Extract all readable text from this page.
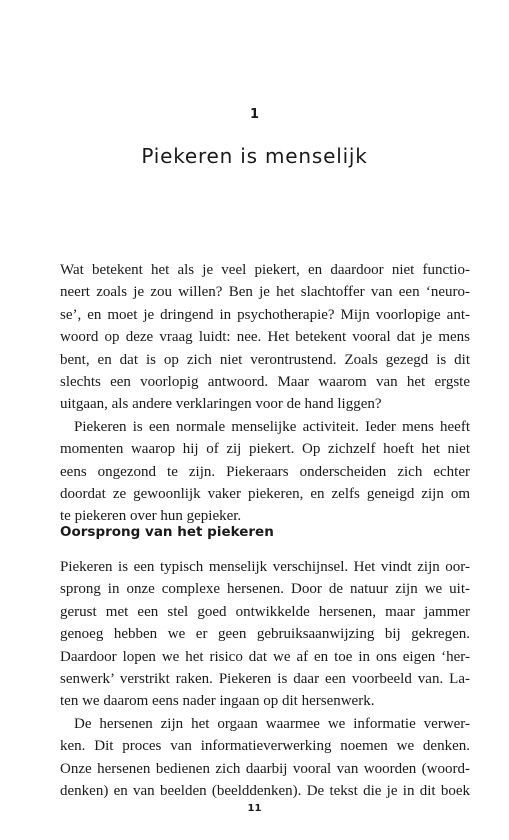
1
Piekeren is menselijk
Wat betekent het als je veel piekert, en daardoor niet functio-
neert zoals je zou willen? Ben je het slachtoffer van een ‘neuro-
se’, en moet je dringend in psychotherapie? Mijn voorlopige ant-
woord op deze vraag luidt: nee. Het betekent vooral dat je mens
bent, en dat is op zich niet verontrustend. Zoals gezegd is dit
slechts een voorlopig antwoord. Maar waarom van het ergste
uitgaan, als andere verklaringen voor de hand liggen?
Piekeren is een normale menselijke activiteit. Ieder mens heeft
momenten waarop hij of zij piekert. Op zichzelf hoeft het niet
eens ongezond te zijn. Piekeraars onderscheiden zich echter
doordat ze gewoonlijk vaker piekeren, en zelfs geneigd zijn om
te piekeren over hun gepieker.
Oorsprong van het piekeren
Piekeren is een typisch menselijk verschijnsel. Het vindt zijn oor-
sprong in onze complexe hersenen. Door de natuur zijn we uit-
gerust met een stel goed ontwikkelde hersenen, maar jammer
genoeg hebben we er geen gebruiksaanwijzing bij gekregen.
Daardoor lopen we het risico dat we af en toe in ons eigen ‘her-
senwerk’ verstrikt raken. Piekeren is daar een voorbeeld van. La-
ten we daarom eens nader ingaan op dit hersenwerk.
De hersenen zijn het orgaan waarmee we informatie verwer-
ken. Dit proces van informatieverwerking noemen we denken.
Onze hersenen bedienen zich daarbij vooral van woorden (woord-
denken) en van beelden (beelddenken). De tekst die je in dit boek
11
